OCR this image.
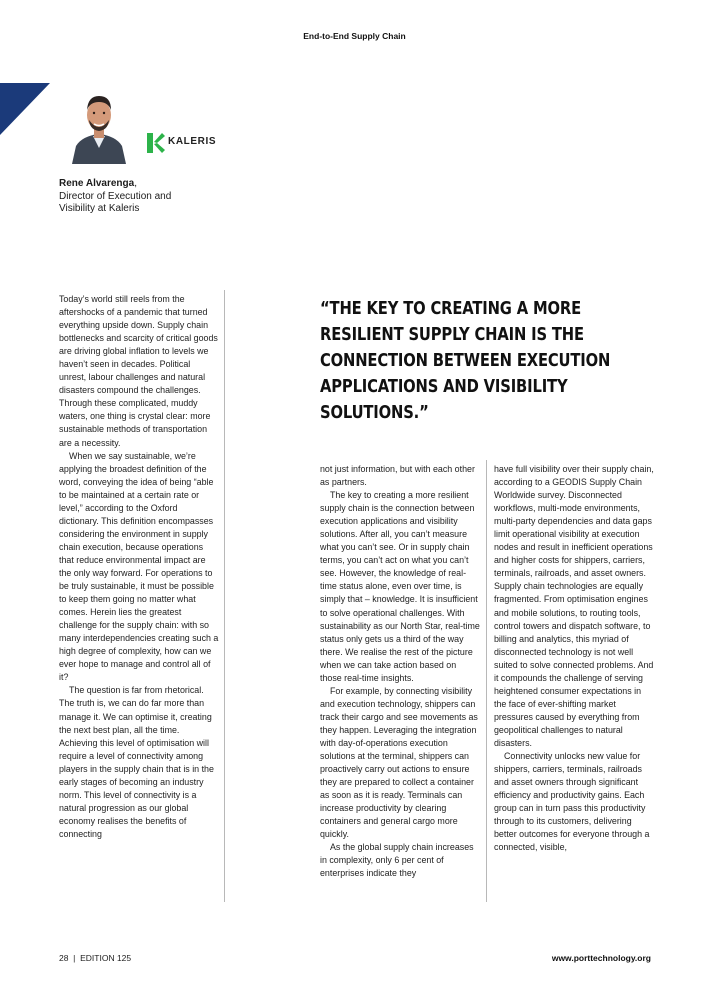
End-to-End Supply Chain
KALERIS
Rene Alvarenga,
Director of Execution and
Visibility at Kaleris

Today’s world still reels from the aftershocks of a pandemic that turned everything upside down. Supply chain bottlenecks and scarcity of critical goods are driving global inflation to levels we haven’t seen in decades. Political unrest, labour challenges and natural disasters compound the challenges. Through these complicated, muddy waters, one thing is crystal clear: more sustainable methods of transportation are a necessity.

When we say sustainable, we’re applying the broadest definition of the word, conveying the idea of being “able to be maintained at a certain rate or level,” according to the Oxford dictionary. This definition encompasses considering the environment in supply chain execution, because operations that reduce environmental impact are the only way forward. For operations to be truly sustainable, it must be possible to keep them going no matter what comes. Herein lies the greatest challenge for the supply chain: with so many interdependencies creating such a high degree of complexity, how can we ever hope to manage and control all of it?

The question is far from rhetorical. The truth is, we can do far more than manage it. We can optimise it, creating the next best plan, all the time. Achieving this level of optimisation will require a level of connectivity among players in the supply chain that is in the early stages of becoming an industry norm. This level of connectivity is a natural progression as our global economy realises the benefits of connecting

“THE KEY TO CREATING A MORE RESILIENT SUPPLY CHAIN IS THE CONNECTION BETWEEN EXECUTION APPLICATIONS AND VISIBILITY SOLUTIONS.”

not just information, but with each other as partners.

The key to creating a more resilient supply chain is the connection between execution applications and visibility solutions. After all, you can’t measure what you can’t see. Or in supply chain terms, you can’t act on what you can’t see. However, the knowledge of real-time status alone, even over time, is simply that – knowledge. It is insufficient to solve operational challenges. With sustainability as our North Star, real-time status only gets us a third of the way there. We realise the rest of the picture when we can take action based on those real-time insights.

For example, by connecting visibility and execution technology, shippers can track their cargo and see movements as they happen. Leveraging the integration with day-of-operations execution solutions at the terminal, shippers can proactively carry out actions to ensure they are prepared to collect a container as soon as it is ready. Terminals can increase productivity by clearing containers and general cargo more quickly.

As the global supply chain increases in complexity, only 6 per cent of enterprises indicate they

have full visibility over their supply chain, according to a GEODIS Supply Chain Worldwide survey. Disconnected workflows, multi-mode environments, multi-party dependencies and data gaps limit operational visibility at execution nodes and result in inefficient operations and higher costs for shippers, carriers, terminals, railroads, and asset owners. Supply chain technologies are equally fragmented. From optimisation engines and mobile solutions, to routing tools, control towers and dispatch software, to billing and analytics, this myriad of disconnected technology is not well suited to solve connected problems. And it compounds the challenge of serving heightened consumer expectations in the face of ever-shifting market pressures caused by everything from geopolitical challenges to natural disasters.

Connectivity unlocks new value for shippers, carriers, terminals, railroads and asset owners through significant efficiency and productivity gains. Each group can in turn pass this productivity through to its customers, delivering better outcomes for everyone through a connected, visible,

28  |  EDITION 125	www.porttechnology.org
